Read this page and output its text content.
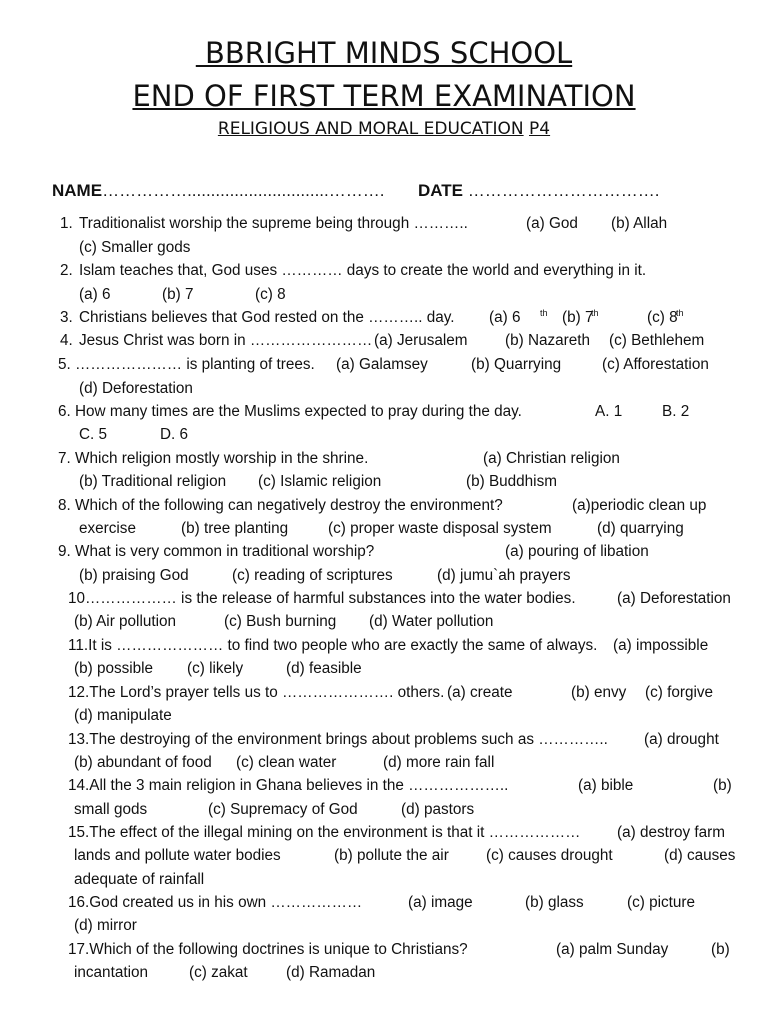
BBRIGHT MINDS SCHOOL
END OF FIRST TERM EXAMINATION
RELIGIOUS AND MORAL EDUCATION P4
NAME……………..............................………. DATE …………………………….
1. Traditionalist worship the supreme being through ………..	(a) God (b) Allah
(c) Smaller gods
2. Islam teaches that, God uses ………… days to create the world and everything in it.
(a) 6	(b) 7	(c) 8
3. Christians believes that God rested on the ……….. day. (a) 6 th (b) 7
th	(c) 8
th
4. Jesus Christ was born in …………………… (a) Jerusalem (b) Nazareth (c) Bethlehem
5. ………………… is planting of trees. (a) Galamsey	(b) Quarrying	(c) Afforestation
(d) Deforestation
6. How many times are the Muslims expected to pray during the day.	A. 1	B. 2
C. 5	D. 6
7. Which religion mostly worship in the shrine.	(a) Christian religion
(b) Traditional religion (c) Islamic religion	(b) Buddhism
8. Which of the following can negatively destroy the environment?	(a)periodic clean up
exercise	(b) tree planting	(c) proper waste disposal system	(d) quarrying
9. What is very common in traditional worship?	(a) pouring of libation
(b) praising God	(c) reading of scriptures	(d) jumu`ah prayers
10……………… is the release of harmful substances into the water bodies.	(a) Deforestation
(b) Air pollution	(c) Bush burning (d) Water pollution
11.It is ………………… to find two people who are exactly the same of always. (a) impossible
(b) possible (c) likely	(d) feasible
12.The Lord’s prayer tells us to …………………. others. (a) create	(b) envy (c) forgive
(d) manipulate
13.The destroying of the environment brings about problems such as ………….. (a) drought
(b) abundant of food (c) clean water	(d) more rain fall
14.All the 3 main religion in Ghana believes in the ………………..	(a) bible	(b)
small gods	(c) Supremacy of God	(d) pastors
15.The effect of the illegal mining on the environment is that it ……………… (a) destroy farm
lands and pollute water bodies	(b) pollute the air (c) causes drought	(d) causes
adequate of rainfall
16.God created us in his own ………………	(a) image	(b) glass	(c) picture
(d) mirror
17.Which of the following doctrines is unique to Christians?	(a) palm Sunday	(b)
incantation	(c) zakat	(d) Ramadan
